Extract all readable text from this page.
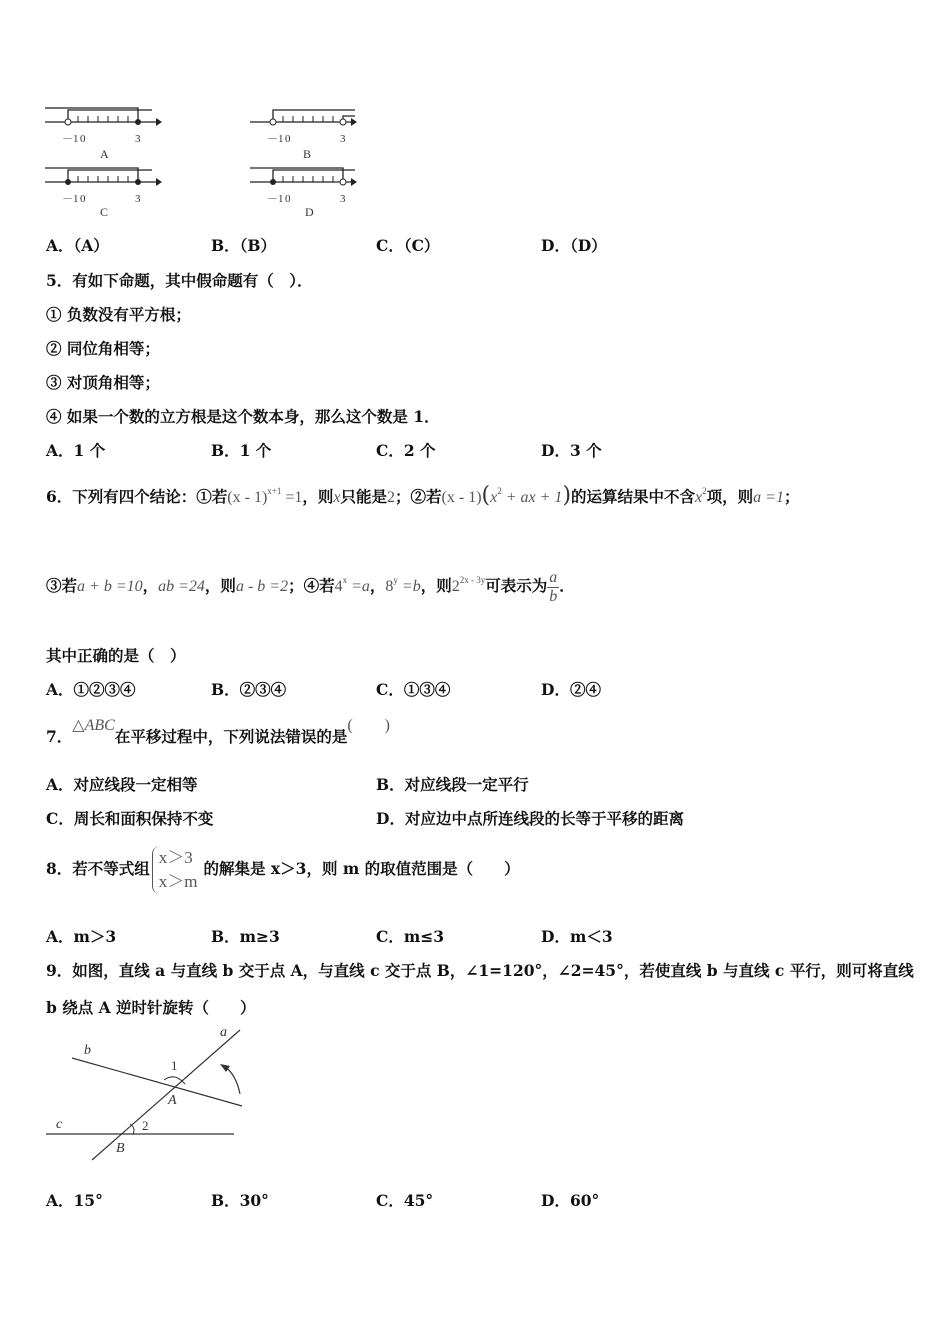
－1 0	3
A
－1 0	3
B
－1 0	3
C
－1 0	3
D
A．（A）	B．（B）	C．（C）	D．（D）
5．有如下命题，其中假命题有（　）．
① 负数没有平方根；
② 同位角相等；
③ 对顶角相等；
④ 如果一个数的立方根是这个数本身，那么这个数是 1．
A．1 个	B．1 个	C．2 个	D．3 个
6．下列有四个结论：①若(x - 1)$^{x+1}$ =1，则x只能是2；②若$(x - 1)(x^2$ + ax + 1)的运算结果中不含$x^2$项，则a =1；
③若a + b =10，ab =24，则a - b =2；④若$4^x =a$，$8^y =b$，则$2^{2x - 3y}$可表示为 $\frac{a}{b}$ ．
其中正确的是（　）
A．①②③④	B．②③④	C．①③④	D．②④
7．△ABC在平移过程中，下列说法错误的是(　　)
A．对应线段一定相等	B．对应线段一定平行
C．周长和面积保持不变	D．对应边中点所连线段的长等于平移的距离
8．若不等式组
x＞3
x＞m
的解集是 x＞3，则 m 的取值范围是（　　）
A．m＞3	B．m≥3	C．m≤3	D．m＜3
9．如图，直线 a 与直线 b 交于点 A，与直线 c 交于点 B，∠1=120°，∠2=45°，若使直线 b 与直线 c 平行，则可将直线
b 绕点 A 逆时针旋转（　　）
a
b
c
A
B
1
2
A．15°	B．30°	C．45°	D．60°
